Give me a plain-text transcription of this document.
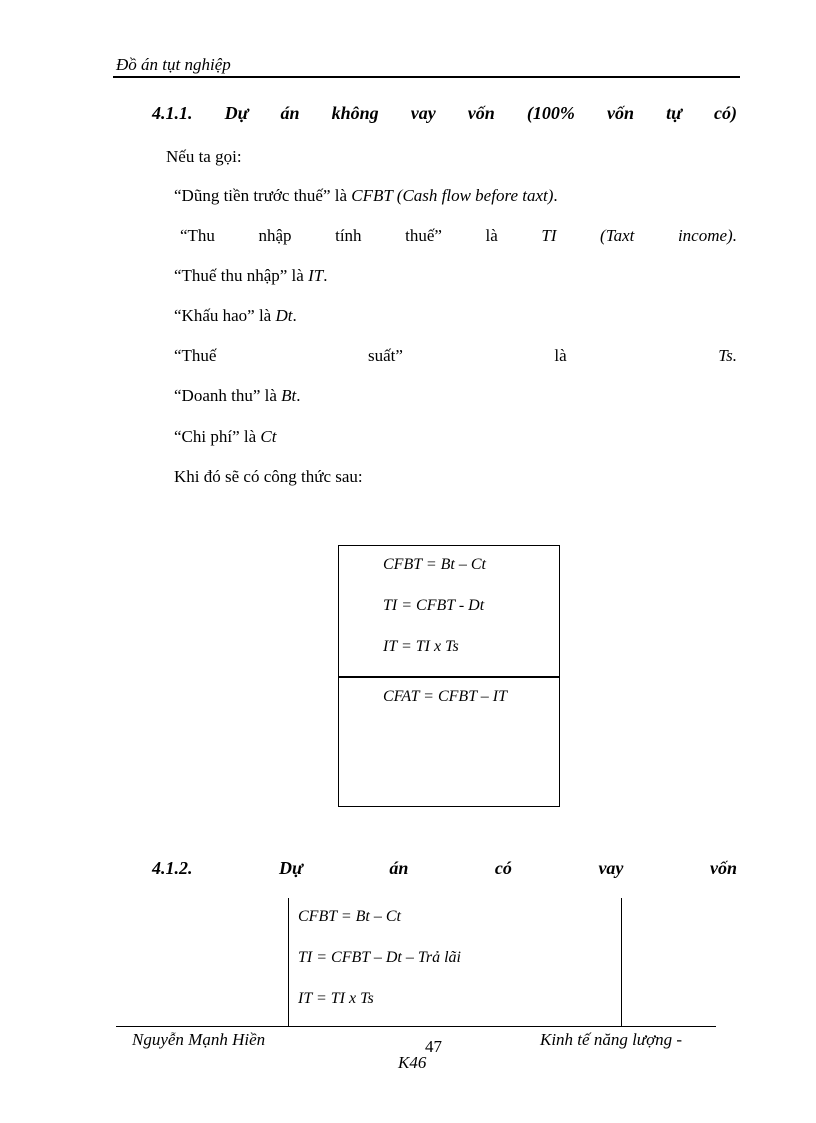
Đồ án tụt nghiệp
4.1.1. Dự án không vay vốn (100% vốn tự có)
Nếu ta gọi:
“Dũng tiền trước thuế” là CFBT (Cash flow before taxt).
“Thu	nhập	tính	thuế”	là	TI	(Taxt	income).
“Thuế thu nhập” là IT.
“Khấu hao” là Dt.
“Thuế	suất”	là	Ts.
“Doanh thu” là Bt.
“Chi phí” là Ct
Khi đó sẽ có công thức sau:
CFBT = Bt – Ct
TI = CFBT - Dt
IT = TI x Ts
CFAT = CFBT – IT
4.1.2.	Dự	án	có	vay	vốn
CFBT = Bt – Ct
TI = CFBT – Dt – Trả lãi
IT = TI x Ts
Nguyễn Mạnh Hiền	47	Kinh tế năng lượng -
K46
